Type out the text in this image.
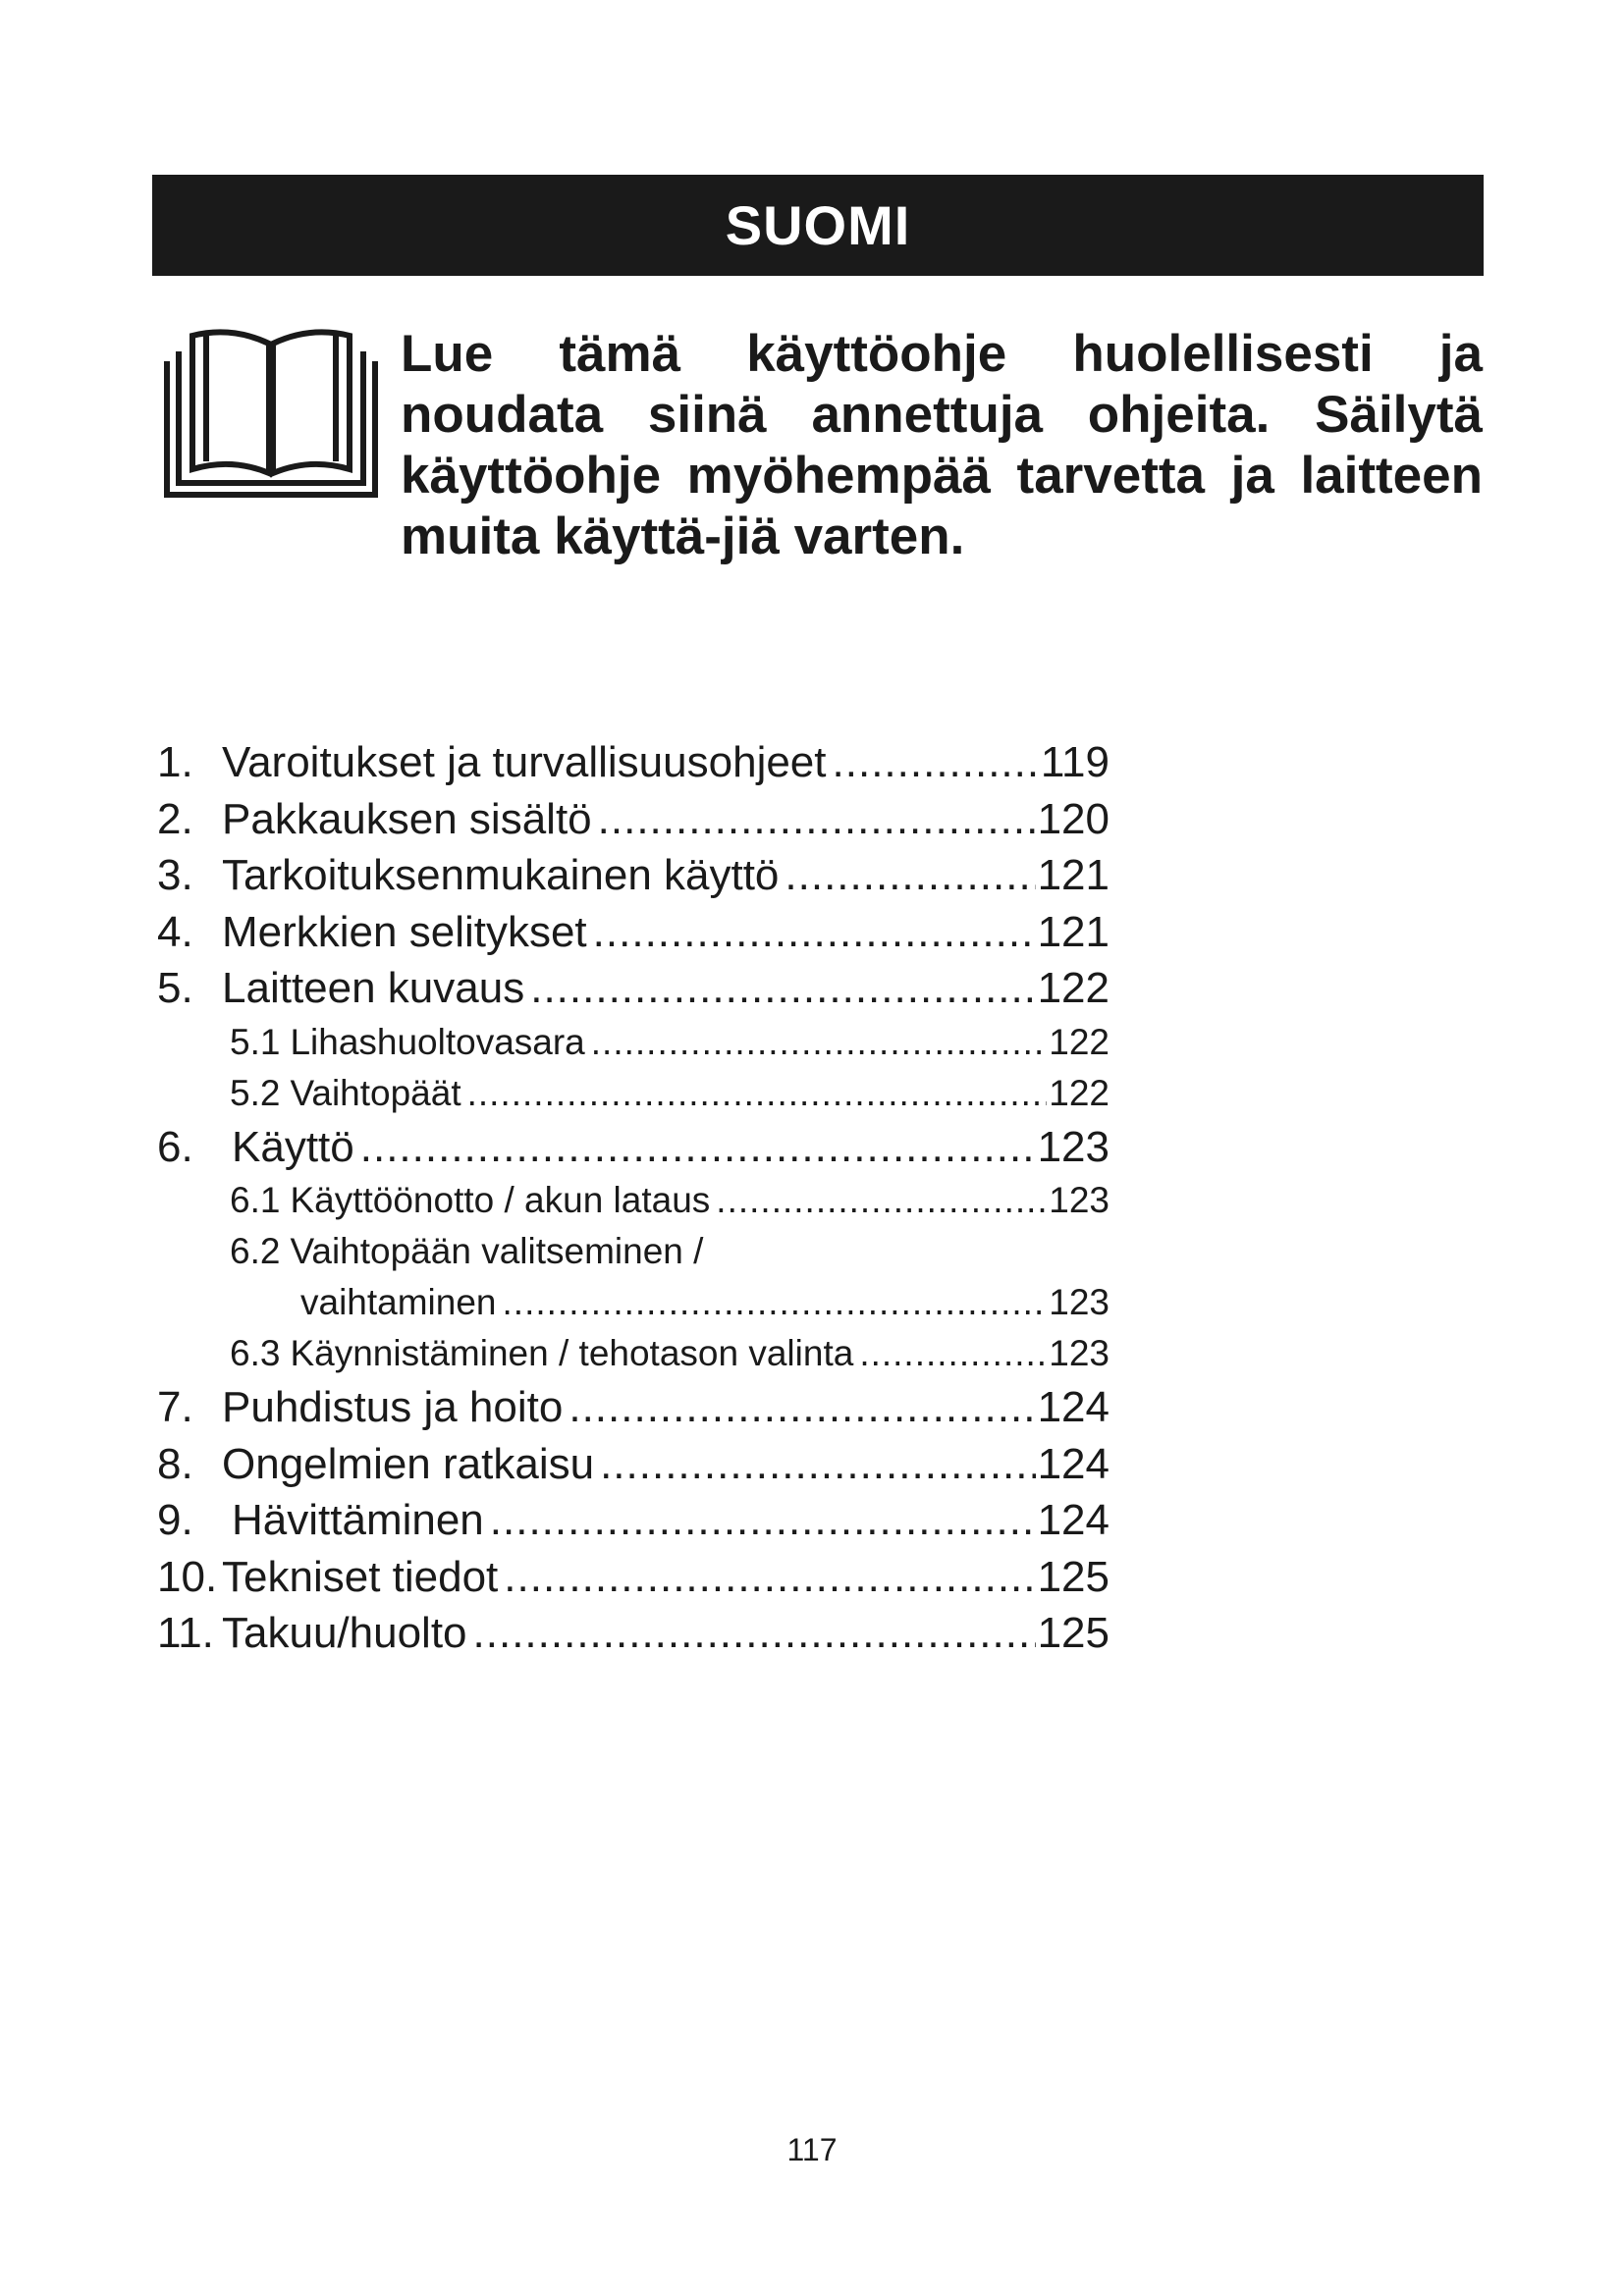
SUOMI

Lue tämä käyttöohje huolellisesti ja noudata siinä annettuja ohjeita. Säilytä käyttöohje myöhempää tarvetta ja laitteen muita käyttä-jiä varten.

1. Varoitukset ja turvallisuusohjeet .....	119
2. Pakkauksen sisältö .....	120
3. Tarkoituksenmukainen käyttö .....	121
4. Merkkien selitykset .....	121
5. Laitteen kuvaus .....	122
5.1 Lihashuoltovasara .....	122
5.2 Vaihtopäät .....	122
6. Käyttö .....	123
6.1 Käyttöönotto / akun lataus .....	123
6.2 Vaihtopään valitseminen /
vaihtaminen .....	123
6.3 Käynnistäminen / tehotason valinta .....	123
7. Puhdistus ja hoito .....	124
8. Ongelmien ratkaisu .....	124
9. Hävittäminen .....	124
10. Tekniset tiedot .....	125
11. Takuu/huolto .....	125
117
